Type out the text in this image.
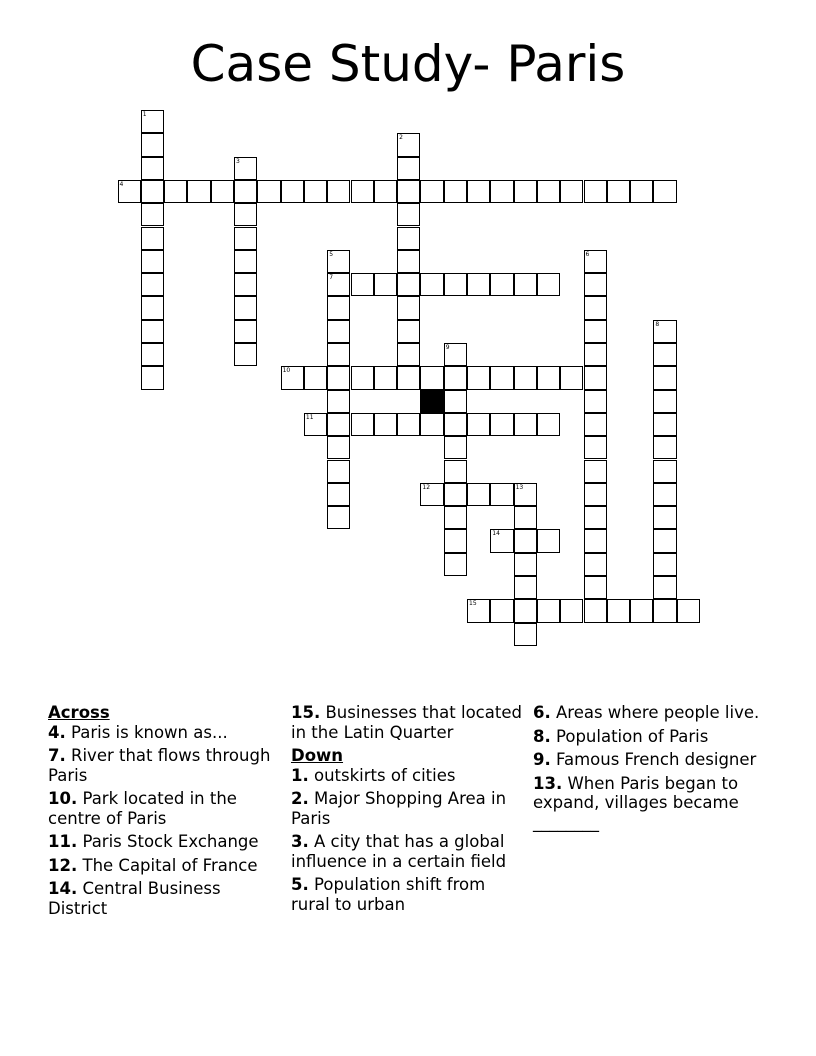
Case Study- Paris
1
2
3
4
5
7
6
8
9
10
11
12	13
14
15
Across
4. Paris is known as...
7. River that flows through Paris
10. Park located in the centre of Paris
11. Paris Stock Exchange
12. The Capital of France
14. Central Business District
15. Businesses that located in the Latin Quarter
Down
1. outskirts of cities
2. Major Shopping Area in Paris
3. A city that has a global influence in a certain field
5. Population shift from rural to urban
6. Areas where people live.
8. Population of Paris
9. Famous French designer
13. When Paris began to expand, villages became ________
